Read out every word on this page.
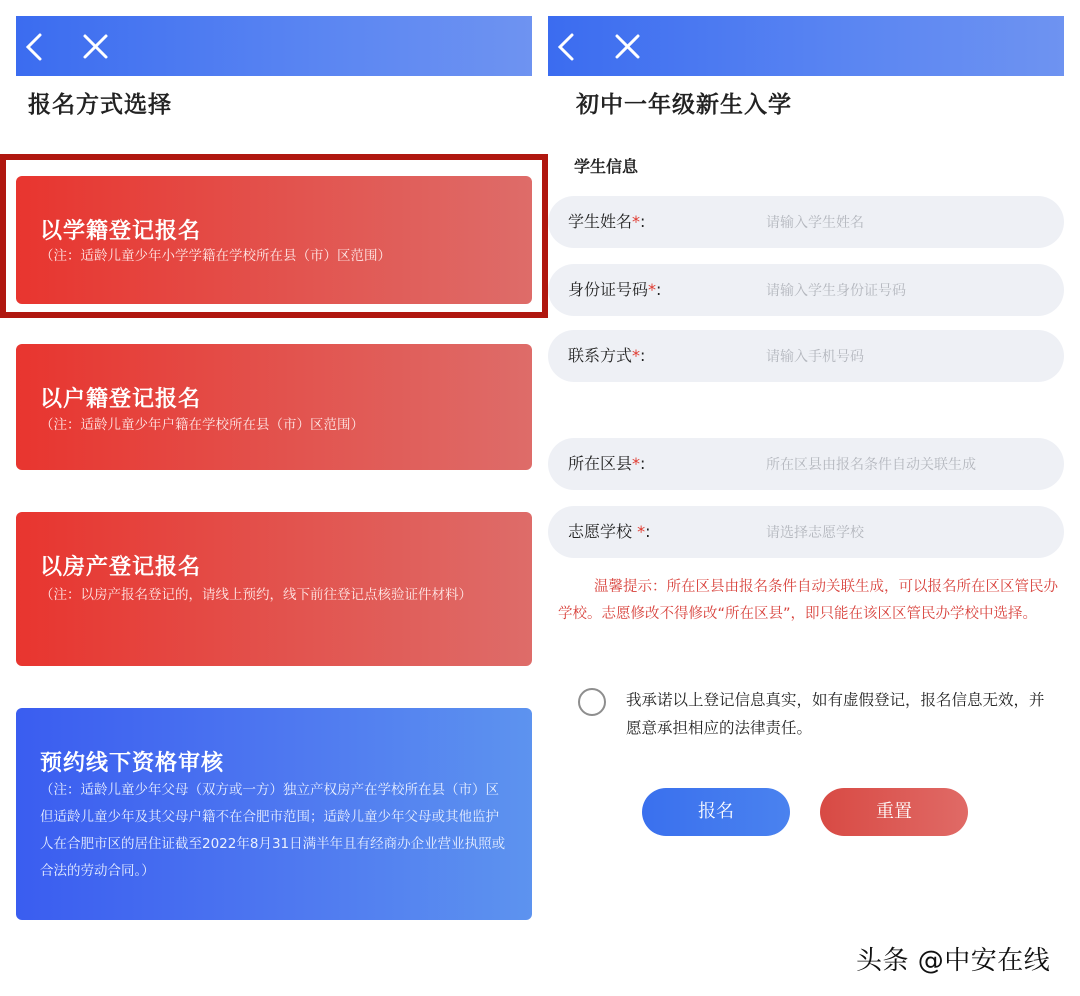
报名方式选择
以学籍登记报名
（注：适龄儿童少年小学学籍在学校所在县（市）区范围）
以户籍登记报名
（注：适龄儿童少年户籍在学校所在县（市）区范围）
以房产登记报名
（注：以房产报名登记的，请线上预约，线下前往登记点核验证件材料）
预约线下资格审核
（注：适龄儿童少年父母（双方或一方）独立产权房产在学校所在县（市）区但适龄儿童少年及其父母户籍不在合肥市范围；适龄儿童少年父母或其他监护人在合肥市区的居住证截至2022年8月31日满半年且有经商办企业营业执照或合法的劳动合同。）
初中一年级新生入学
学生信息
学生姓名*:
请输入学生姓名
身份证号码*:
请输入学生身份证号码
联系方式*:
请输入手机号码
所在区县*:
所在区县由报名条件自动关联生成
志愿学校 *:
请选择志愿学校
温馨提示：所在区县由报名条件自动关联生成，可以报名所在区区管民办学校。志愿修改不得修改“所在区县”，即只能在该区区管民办学校中选择。
我承诺以上登记信息真实，如有虚假登记，报名信息无效，并愿意承担相应的法律责任。
报名	重置
头条 @中安在线
